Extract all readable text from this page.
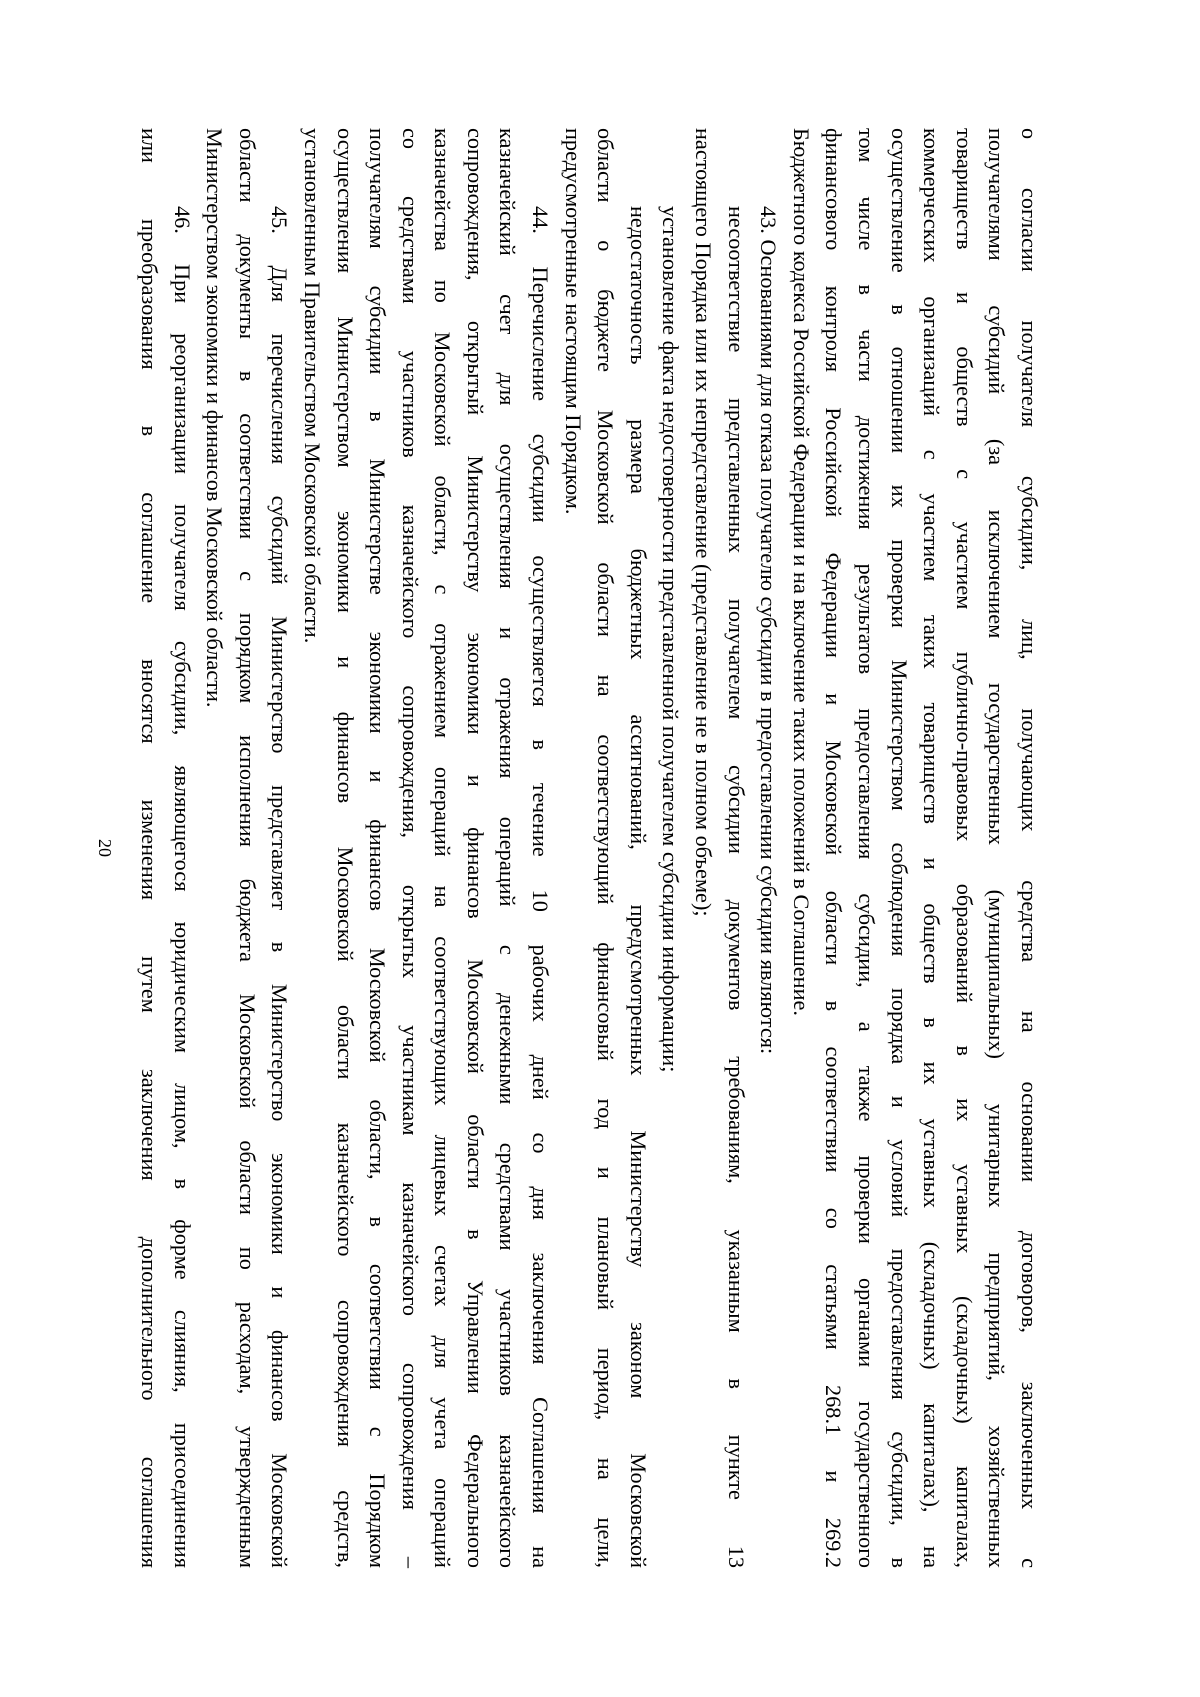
20	о согласии получателя субсидии, лиц, получающих средства на основании договоров, заключенных с
получателями субсидий (за исключением государственных (муниципальных) унитарных предприятий, хозяйственных
товариществ и обществ с участием публично-правовых образований в их уставных (складочных) капиталах,
коммерческих организаций с участием таких товариществ и обществ в их уставных (складочных) капиталах), на
осуществление в отношении их проверки Министерством соблюдения порядка и условий предоставления субсидии, в
том числе в части достижения результатов предоставления субсидии, а также проверки органами государственного
финансового контроля Российской Федерации и Московской области в соответствии со статьями 268.1 и 269.2
Бюджетного кодекса Российской Федерации и на включение таких положений в Соглашение.
43. Основаниями для отказа получателю субсидии в предоставлении субсидии являются:
несоответствие представленных получателем субсидии документов требованиям, указанным в пункте 13
настоящего Порядка или их непредставление (представление не в полном объеме);
установление факта недостоверности представленной получателем субсидии информации;
недостаточность размера бюджетных ассигнований, предусмотренных Министерству законом Московской
области о бюджете Московской области на соответствующий финансовый год и плановый период, на цели,
предусмотренные настоящим Порядком.
44. Перечисление субсидии осуществляется в течение 10 рабочих дней со дня заключения Соглашения на
казначейский счет для осуществления и отражения операций с денежными средствами участников казначейского
сопровождения, открытый Министерству экономики и финансов Московской области в Управлении Федерального
казначейства по Московской области, с отражением операций на соответствующих лицевых счетах для учета операций
со средствами участников казначейского сопровождения, открытых участникам казначейского сопровождения –
получателям субсидии в Министерстве экономики и финансов Московской области, в соответствии с Порядком
осуществления Министерством экономики и финансов Московской области казначейского сопровождения средств,
установленным Правительством Московской области.
45. Для перечисления субсидий Министерство представляет в Министерство экономики и финансов Московской
области документы в соответствии с порядком исполнения бюджета Московской области по расходам, утвержденным
Министерством экономики и финансов Московской области.
46. При реорганизации получателя субсидии, являющегося юридическим лицом, в форме слияния, присоединения
или преобразования в соглашение вносятся изменения путем заключения дополнительного соглашения
